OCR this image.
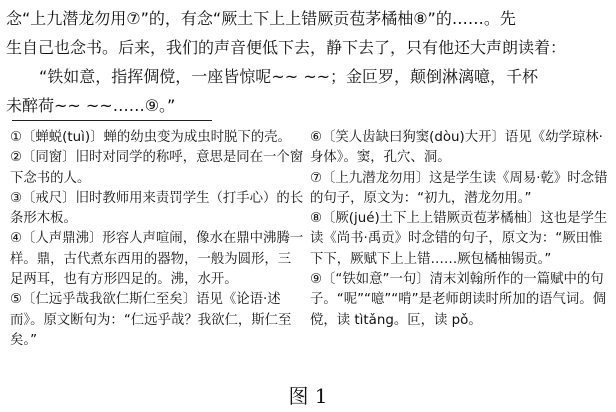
念“上九潜龙勿用⑦”的，有念“厥土下上上错厥贡苞茅橘柚⑧”的……。先

生自己也念书。后来，我们的声音便低下去，静下去了，只有他还大声朗读着：

“铁如意，指挥倜傥，一座皆惊呢~~ ~~；金叵罗，颠倒淋漓噫，千杯

未醉荷~~ ~~……⑨。”

①〔蝉蜕(tuì)〕蝉的幼虫变为成虫时脱下的壳。

②〔同窗〕旧时对同学的称呼，意思是同在一个窗下念书的人。

③〔戒尺〕旧时教师用来责罚学生（打手心）的长条形木板。

④〔人声鼎沸〕形容人声喧闹，像水在鼎中沸腾一样。鼎，古代煮东西用的器物，一般为圆形，三足两耳，也有方形四足的。沸，水开。

⑤〔仁远乎哉我欲仁斯仁至矣〕语见《论语·述而》。原文断句为：“仁远乎哉？我欲仁，斯仁至矣。”

⑥〔笑人齿缺曰狗窦(dòu)大开〕语见《幼学琼林·身体》。窦，孔穴、洞。

⑦〔上九潜龙勿用〕这是学生读《周易·乾》时念错的句子，原文为：“初九，潜龙勿用。”

⑧〔厥(jué)土下上上错厥贡苞茅橘柚〕这也是学生读《尚书·禹贡》时念错的句子，原文为：“厥田惟下下，厥赋下上上错……厥包橘柚锡贡。”

⑨〔“铁如意”一句〕清末刘翰所作的一篇赋中的句子。“呢”“噫”“啃”是老师朗读时所加的语气词。倜傥，读 tìtǎng。叵，读 pǒ。

图 1
